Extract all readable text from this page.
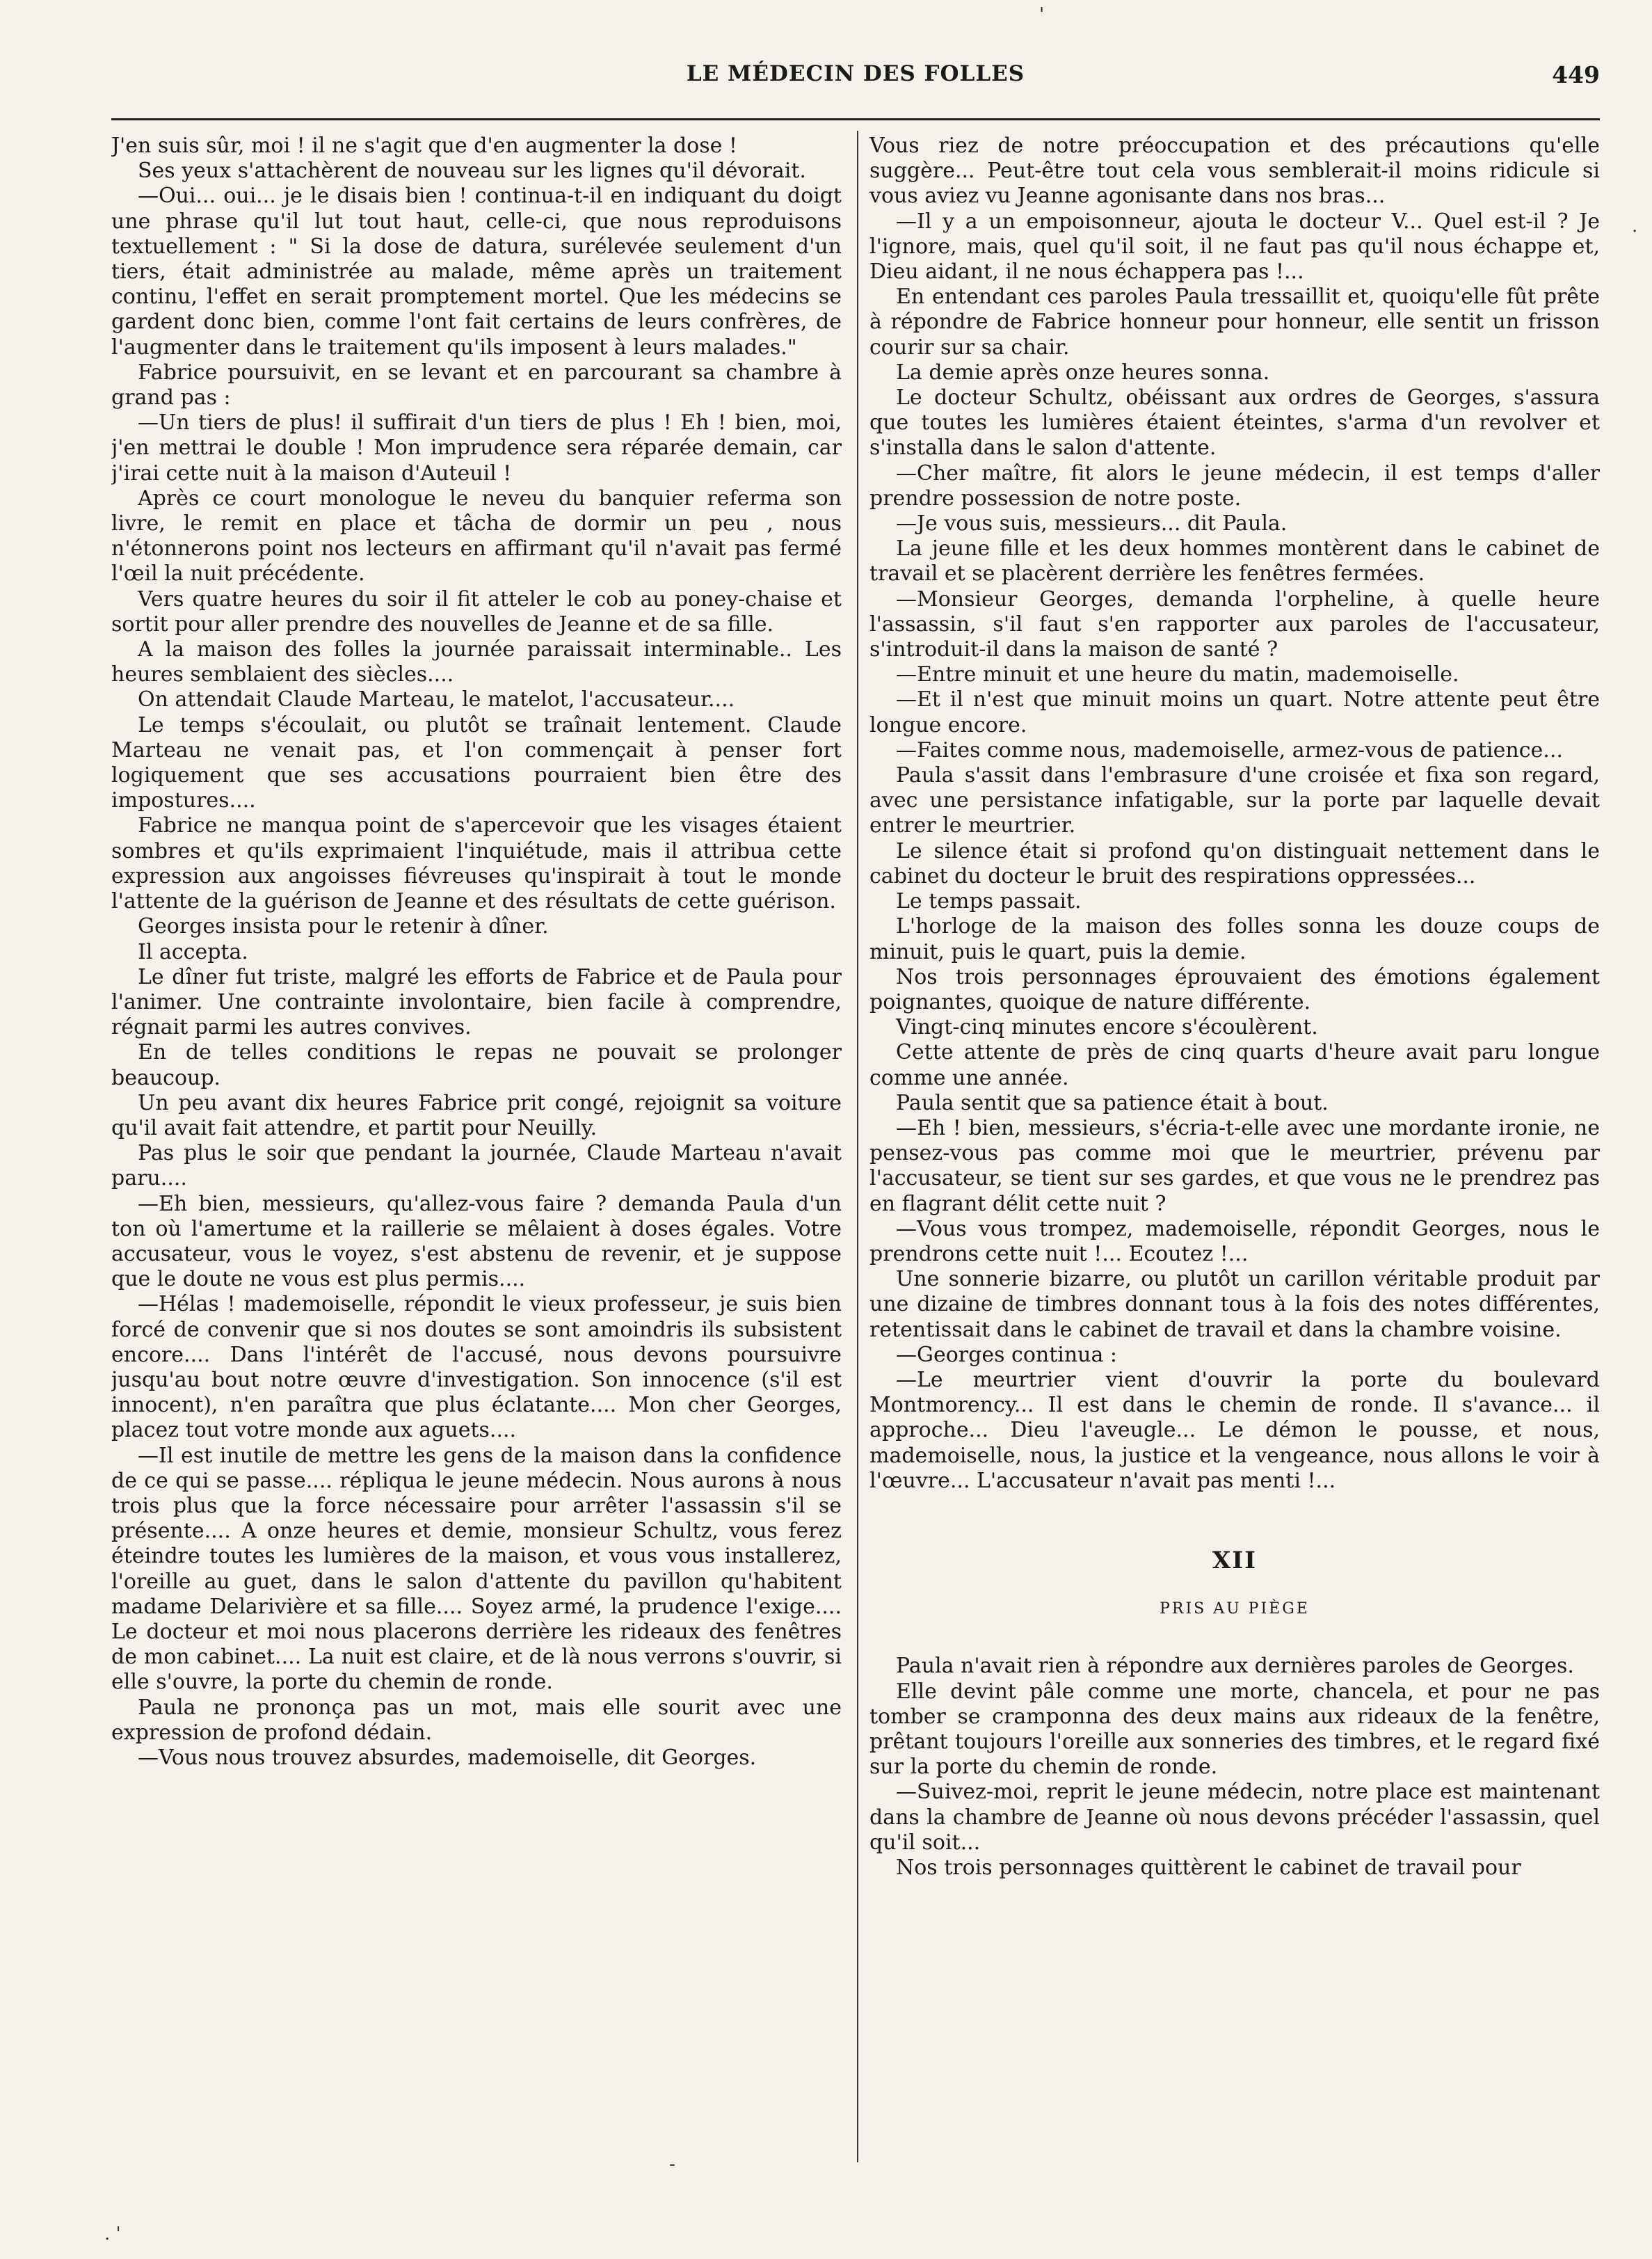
LE MÉDECIN DES FOLLES	449

J'en suis sûr, moi ! il ne s'agit que d'en augmenter la dose !

Ses yeux s'attachèrent de nouveau sur les lignes qu'il dévorait.

—Oui... oui... je le disais bien ! continua-t-il en indiquant du doigt une phrase qu'il lut tout haut, celle-ci, que nous reproduisons textuellement : " Si la dose de datura, surélevée seulement d'un tiers, était administrée au malade, même après un traitement continu, l'effet en serait promptement mortel. Que les médecins se gardent donc bien, comme l'ont fait certains de leurs confrères, de l'augmenter dans le traitement qu'ils imposent à leurs malades."

Fabrice poursuivit, en se levant et en parcourant sa chambre à grand pas :

—Un tiers de plus! il suffirait d'un tiers de plus ! Eh ! bien, moi, j'en mettrai le double ! Mon imprudence sera réparée demain, car j'irai cette nuit à la maison d'Auteuil !

Après ce court monologue le neveu du banquier referma son livre, le remit en place et tâcha de dormir un peu , nous n'étonnerons point nos lecteurs en affirmant qu'il n'avait pas fermé l'œil la nuit précédente.

Vers quatre heures du soir il fit atteler le cob au poney-chaise et sortit pour aller prendre des nouvelles de Jeanne et de sa fille.

A la maison des folles la journée paraissait interminable.. Les heures semblaient des siècles....

On attendait Claude Marteau, le matelot, l'accusateur....

Le temps s'écoulait, ou plutôt se traînait lentement. Claude Marteau ne venait pas, et l'on commençait à penser fort logiquement que ses accusations pourraient bien être des impostures....

Fabrice ne manqua point de s'apercevoir que les visages étaient sombres et qu'ils exprimaient l'inquiétude, mais il attribua cette expression aux angoisses fiévreuses qu'inspirait à tout le monde l'attente de la guérison de Jeanne et des résultats de cette guérison.

Georges insista pour le retenir à dîner.

Il accepta.

Le dîner fut triste, malgré les efforts de Fabrice et de Paula pour l'animer. Une contrainte involontaire, bien facile à comprendre, régnait parmi les autres convives.

En de telles conditions le repas ne pouvait se prolonger beaucoup.

Un peu avant dix heures Fabrice prit congé, rejoignit sa voiture qu'il avait fait attendre, et partit pour Neuilly.

Pas plus le soir que pendant la journée, Claude Marteau n'avait paru....

—Eh bien, messieurs, qu'allez-vous faire ? demanda Paula d'un ton où l'amertume et la raillerie se mêlaient à doses égales. Votre accusateur, vous le voyez, s'est abstenu de revenir, et je suppose que le doute ne vous est plus permis....

—Hélas ! mademoiselle, répondit le vieux professeur, je suis bien forcé de convenir que si nos doutes se sont amoindris ils subsistent encore.... Dans l'intérêt de l'accusé, nous devons poursuivre jusqu'au bout notre œuvre d'investigation. Son innocence (s'il est innocent), n'en paraîtra que plus éclatante.... Mon cher Georges, placez tout votre monde aux aguets....

—Il est inutile de mettre les gens de la maison dans la confidence de ce qui se passe.... répliqua le jeune médecin. Nous aurons à nous trois plus que la force nécessaire pour arrêter l'assassin s'il se présente.... A onze heures et demie, monsieur Schultz, vous ferez éteindre toutes les lumières de la maison, et vous vous installerez, l'oreille au guet, dans le salon d'attente du pavillon qu'habitent madame Delarivière et sa fille.... Soyez armé, la prudence l'exige.... Le docteur et moi nous placerons derrière les rideaux des fenêtres de mon cabinet.... La nuit est claire, et de là nous verrons s'ouvrir, si elle s'ouvre, la porte du chemin de ronde.

Paula ne prononça pas un mot, mais elle sourit avec une expression de profond dédain.

—Vous nous trouvez absurdes, mademoiselle, dit Georges.

Vous riez de notre préoccupation et des précautions qu'elle suggère... Peut-être tout cela vous semblerait-il moins ridicule si vous aviez vu Jeanne agonisante dans nos bras...

—Il y a un empoisonneur, ajouta le docteur V... Quel est-il ? Je l'ignore, mais, quel qu'il soit, il ne faut pas qu'il nous échappe et, Dieu aidant, il ne nous échappera pas !...

En entendant ces paroles Paula tressaillit et, quoiqu'elle fût prête à répondre de Fabrice honneur pour honneur, elle sentit un frisson courir sur sa chair.

La demie après onze heures sonna.

Le docteur Schultz, obéissant aux ordres de Georges, s'assura que toutes les lumières étaient éteintes, s'arma d'un revolver et s'installa dans le salon d'attente.

—Cher maître, fit alors le jeune médecin, il est temps d'aller prendre possession de notre poste.

—Je vous suis, messieurs... dit Paula.

La jeune fille et les deux hommes montèrent dans le cabinet de travail et se placèrent derrière les fenêtres fermées.

—Monsieur Georges, demanda l'orpheline, à quelle heure l'assassin, s'il faut s'en rapporter aux paroles de l'accusateur, s'introduit-il dans la maison de santé ?

—Entre minuit et une heure du matin, mademoiselle.

—Et il n'est que minuit moins un quart. Notre attente peut être longue encore.

—Faites comme nous, mademoiselle, armez-vous de patience...

Paula s'assit dans l'embrasure d'une croisée et fixa son regard, avec une persistance infatigable, sur la porte par laquelle devait entrer le meurtrier.

Le silence était si profond qu'on distinguait nettement dans le cabinet du docteur le bruit des respirations oppressées...

Le temps passait.

L'horloge de la maison des folles sonna les douze coups de minuit, puis le quart, puis la demie.

Nos trois personnages éprouvaient des émotions également poignantes, quoique de nature différente.

Vingt-cinq minutes encore s'écoulèrent.

Cette attente de près de cinq quarts d'heure avait paru longue comme une année.

Paula sentit que sa patience était à bout.

—Eh ! bien, messieurs, s'écria-t-elle avec une mordante ironie, ne pensez-vous pas comme moi que le meurtrier, prévenu par l'accusateur, se tient sur ses gardes, et que vous ne le prendrez pas en flagrant délit cette nuit ?

—Vous vous trompez, mademoiselle, répondit Georges, nous le prendrons cette nuit !... Ecoutez !...

Une sonnerie bizarre, ou plutôt un carillon véritable produit par une dizaine de timbres donnant tous à la fois des notes différentes, retentissait dans le cabinet de travail et dans la chambre voisine.

—Georges continua :

—Le meurtrier vient d'ouvrir la porte du boulevard Montmorency... Il est dans le chemin de ronde. Il s'avance... il approche... Dieu l'aveugle... Le démon le pousse, et nous, mademoiselle, nous, la justice et la vengeance, nous allons le voir à l'œuvre... L'accusateur n'avait pas menti !...

XII
PRIS AU PIÈGE

Paula n'avait rien à répondre aux dernières paroles de Georges.

Elle devint pâle comme une morte, chancela, et pour ne pas tomber se cramponna des deux mains aux rideaux de la fenêtre, prêtant toujours l'oreille aux sonneries des timbres, et le regard fixé sur la porte du chemin de ronde.

—Suivez-moi, reprit le jeune médecin, notre place est maintenant dans la chambre de Jeanne où nous devons précéder l'assassin, quel qu'il soit...

Nos trois personnages quittèrent le cabinet de travail pour

'
·
-
. '
